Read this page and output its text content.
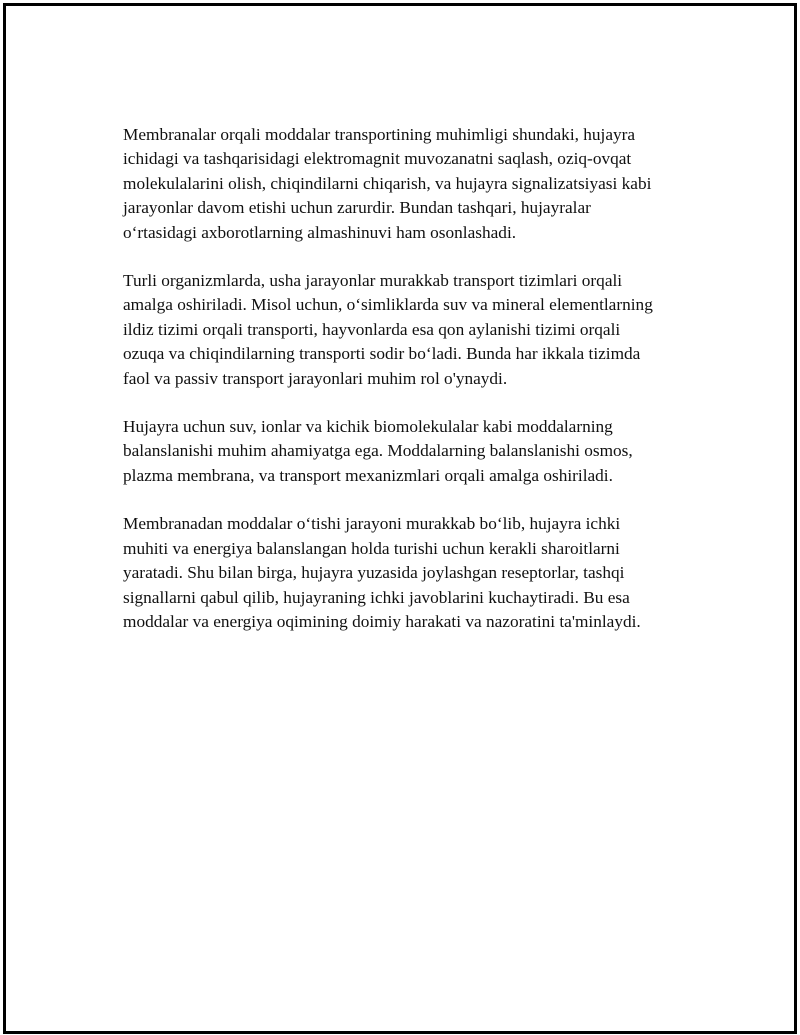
Membranalar orqali moddalar transportining muhimligi shundaki, hujayra
ichidagi va tashqarisidagi elektromagnit muvozanatni saqlash, oziq-ovqat
molekulalarini olish, chiqindilarni chiqarish, va hujayra signalizatsiyasi kabi
jarayonlar davom etishi uchun zarurdir. Bundan tashqari, hujayralar
oʻrtasidagi axborotlarning almashinuvi ham osonlashadi.

Turli organizmlarda, usha jarayonlar murakkab transport tizimlari orqali
amalga oshiriladi. Misol uchun, oʻsimliklarda suv va mineral elementlarning
ildiz tizimi orqali transporti, hayvonlarda esa qon aylanishi tizimi orqali
ozuqa va chiqindilarning transporti sodir boʻladi. Bunda har ikkala tizimda
faol va passiv transport jarayonlari muhim rol o'ynaydi.

Hujayra uchun suv, ionlar va kichik biomolekulalar kabi moddalarning
balanslanishi muhim ahamiyatga ega. Moddalarning balanslanishi osmos,
plazma membrana, va transport mexanizmlari orqali amalga oshiriladi.

Membranadan moddalar oʻtishi jarayoni murakkab boʻlib, hujayra ichki
muhiti va energiya balanslangan holda turishi uchun kerakli sharoitlarni
yaratadi. Shu bilan birga, hujayra yuzasida joylashgan reseptorlar, tashqi
signallarni qabul qilib, hujayraning ichki javoblarini kuchaytiradi. Bu esa
moddalar va energiya oqimining doimiy harakati va nazoratini ta'minlaydi.
